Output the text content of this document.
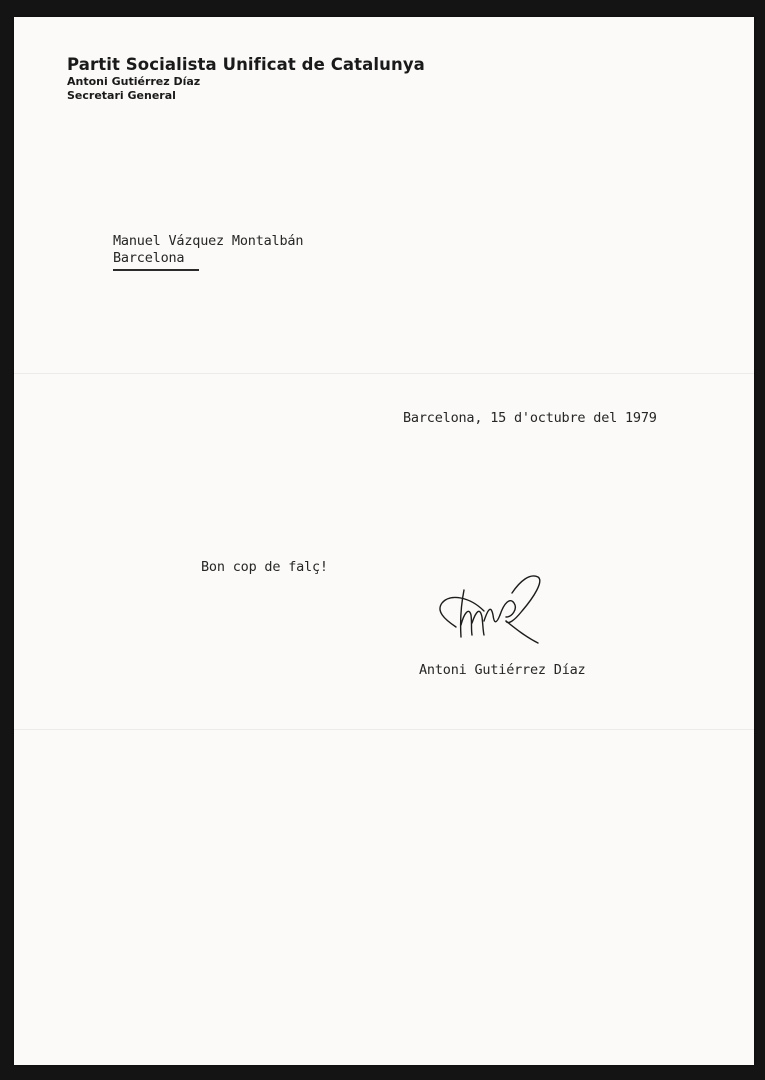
Partit Socialista Unificat de Catalunya
Antoni Gutiérrez Díaz
Secretari General
Manuel Vázquez Montalbán
Barcelona
Barcelona, 15 d'octubre del 1979
Bon cop de falç!
Antoni Gutiérrez Díaz
